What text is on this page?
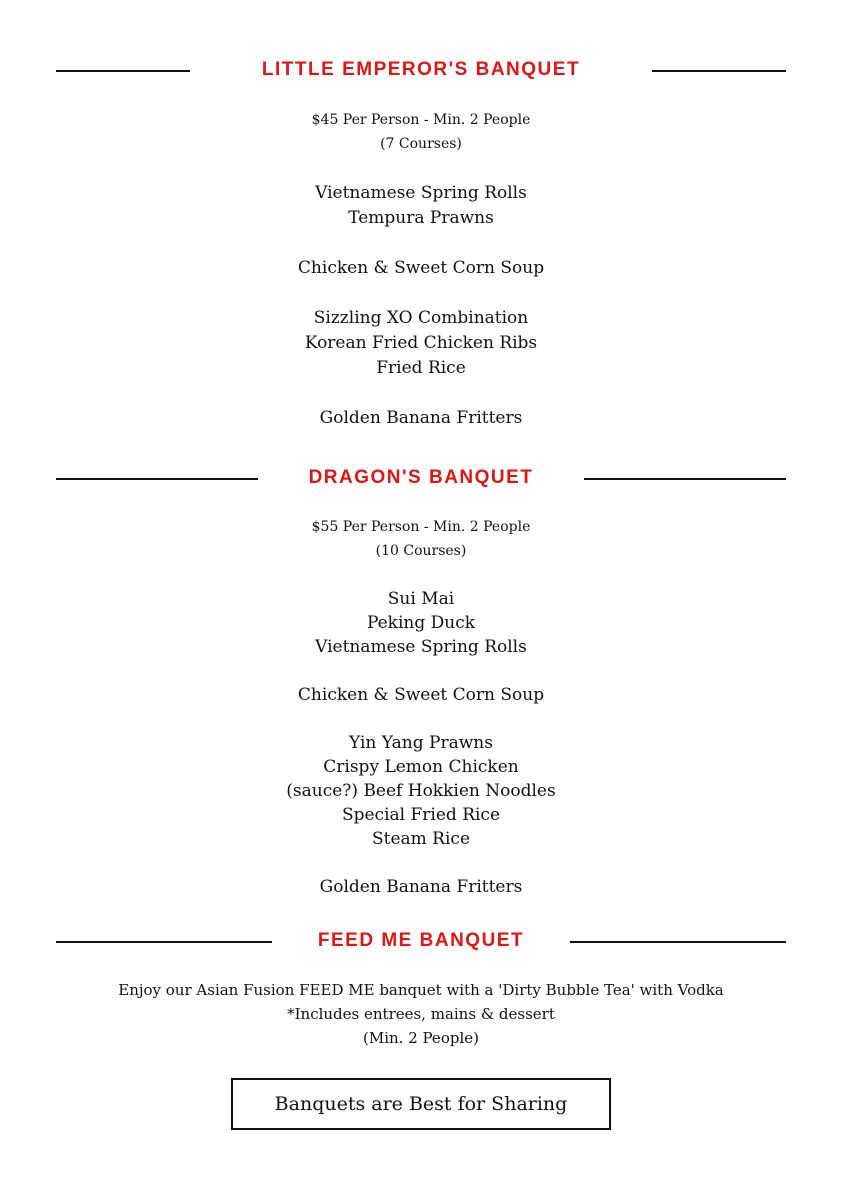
LITTLE EMPEROR'S BANQUET
$45 Per Person - Min. 2 People
(7 Courses)
Vietnamese Spring Rolls
Tempura Prawns
Chicken & Sweet Corn Soup
Sizzling XO Combination
Korean Fried Chicken Ribs
Fried Rice
Golden Banana Fritters
DRAGON'S BANQUET
$55 Per Person - Min. 2 People
(10 Courses)
Sui Mai
Peking Duck
Vietnamese Spring Rolls
Chicken & Sweet Corn Soup
Yin Yang Prawns
Crispy Lemon Chicken
(sauce?) Beef Hokkien Noodles
Special Fried Rice
Steam Rice
Golden Banana Fritters
FEED ME BANQUET
Enjoy our Asian Fusion FEED ME banquet with a 'Dirty Bubble Tea' with Vodka
*Includes entrees, mains & dessert
(Min. 2 People)
Banquets are Best for Sharing
